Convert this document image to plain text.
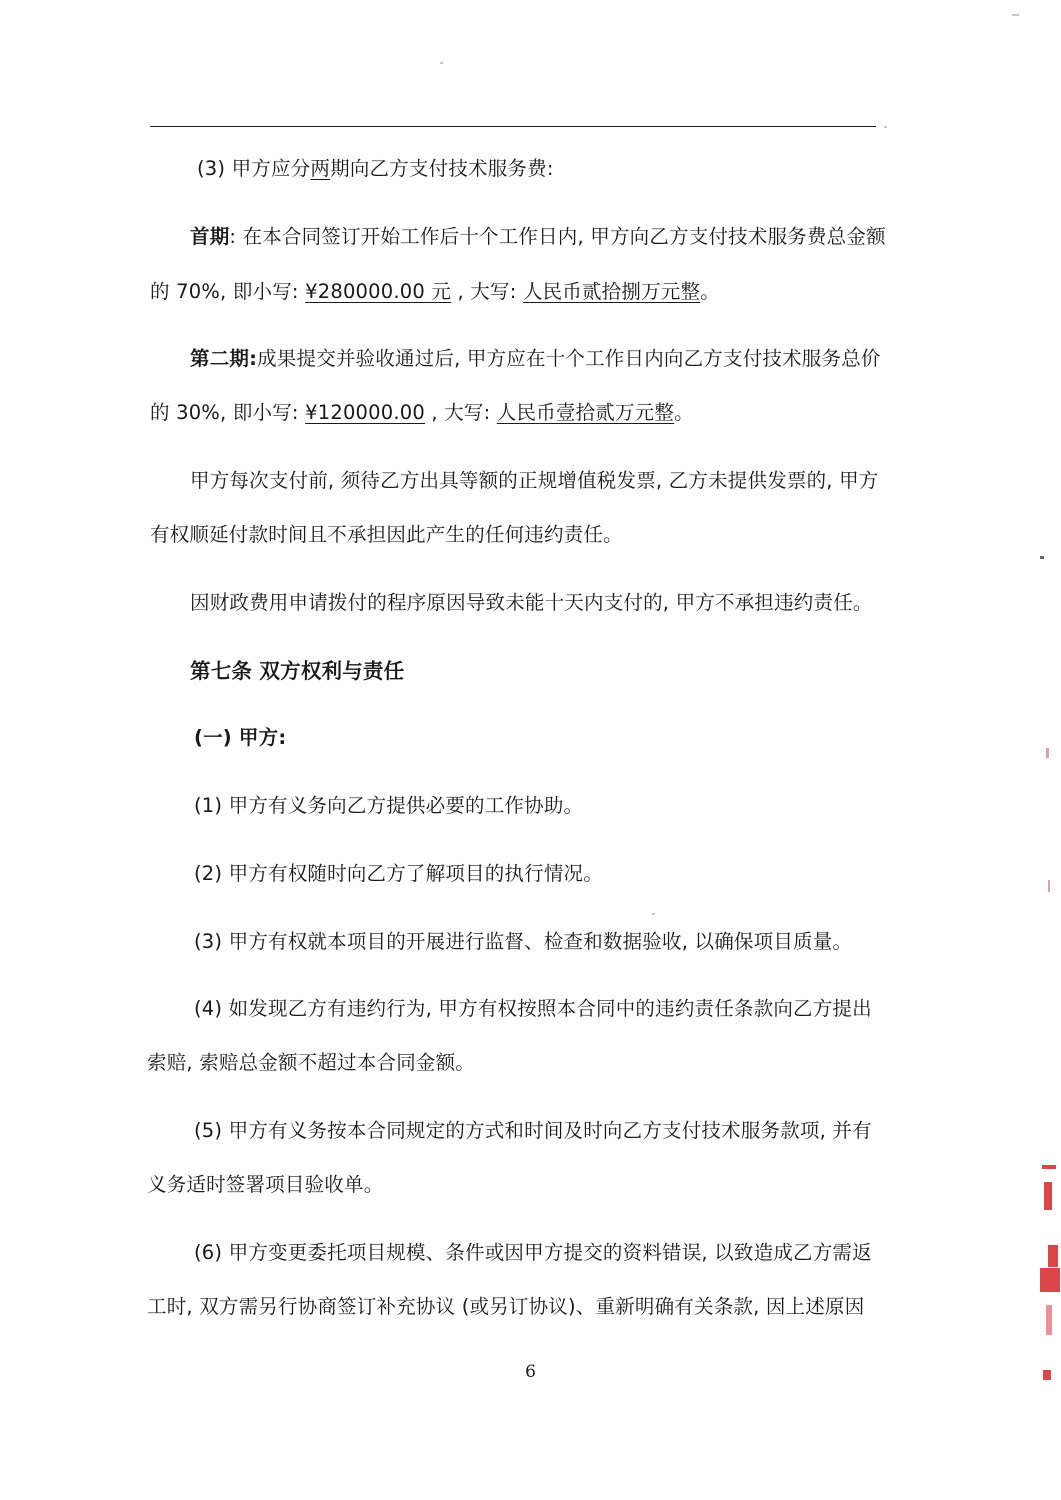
(3) 甲方应分两期向乙方支付技术服务费:
首期: 在本合同签订开始工作后十个工作日内, 甲方向乙方支付技术服务费总金额
的 70%, 即小写: ¥280000.00 元 , 大写: 人民币贰拾捌万元整。
第二期:成果提交并验收通过后, 甲方应在十个工作日内向乙方支付技术服务总价
的 30%, 即小写: ¥120000.00 , 大写: 人民币壹拾贰万元整。
甲方每次支付前, 须待乙方出具等额的正规增值税发票, 乙方未提供发票的, 甲方
有权顺延付款时间且不承担因此产生的任何违约责任。
因财政费用申请拨付的程序原因导致未能十天内支付的, 甲方不承担违约责任。
第七条 双方权利与责任
(一) 甲方:
(1) 甲方有义务向乙方提供必要的工作协助。
(2) 甲方有权随时向乙方了解项目的执行情况。
(3) 甲方有权就本项目的开展进行监督、检查和数据验收, 以确保项目质量。
(4) 如发现乙方有违约行为, 甲方有权按照本合同中的违约责任条款向乙方提出
索赔, 索赔总金额不超过本合同金额。
(5) 甲方有义务按本合同规定的方式和时间及时向乙方支付技术服务款项, 并有
义务适时签署项目验收单。
(6) 甲方变更委托项目规模、条件或因甲方提交的资料错误, 以致造成乙方需返
工时, 双方需另行协商签订补充协议 (或另订协议)、重新明确有关条款, 因上述原因
6
